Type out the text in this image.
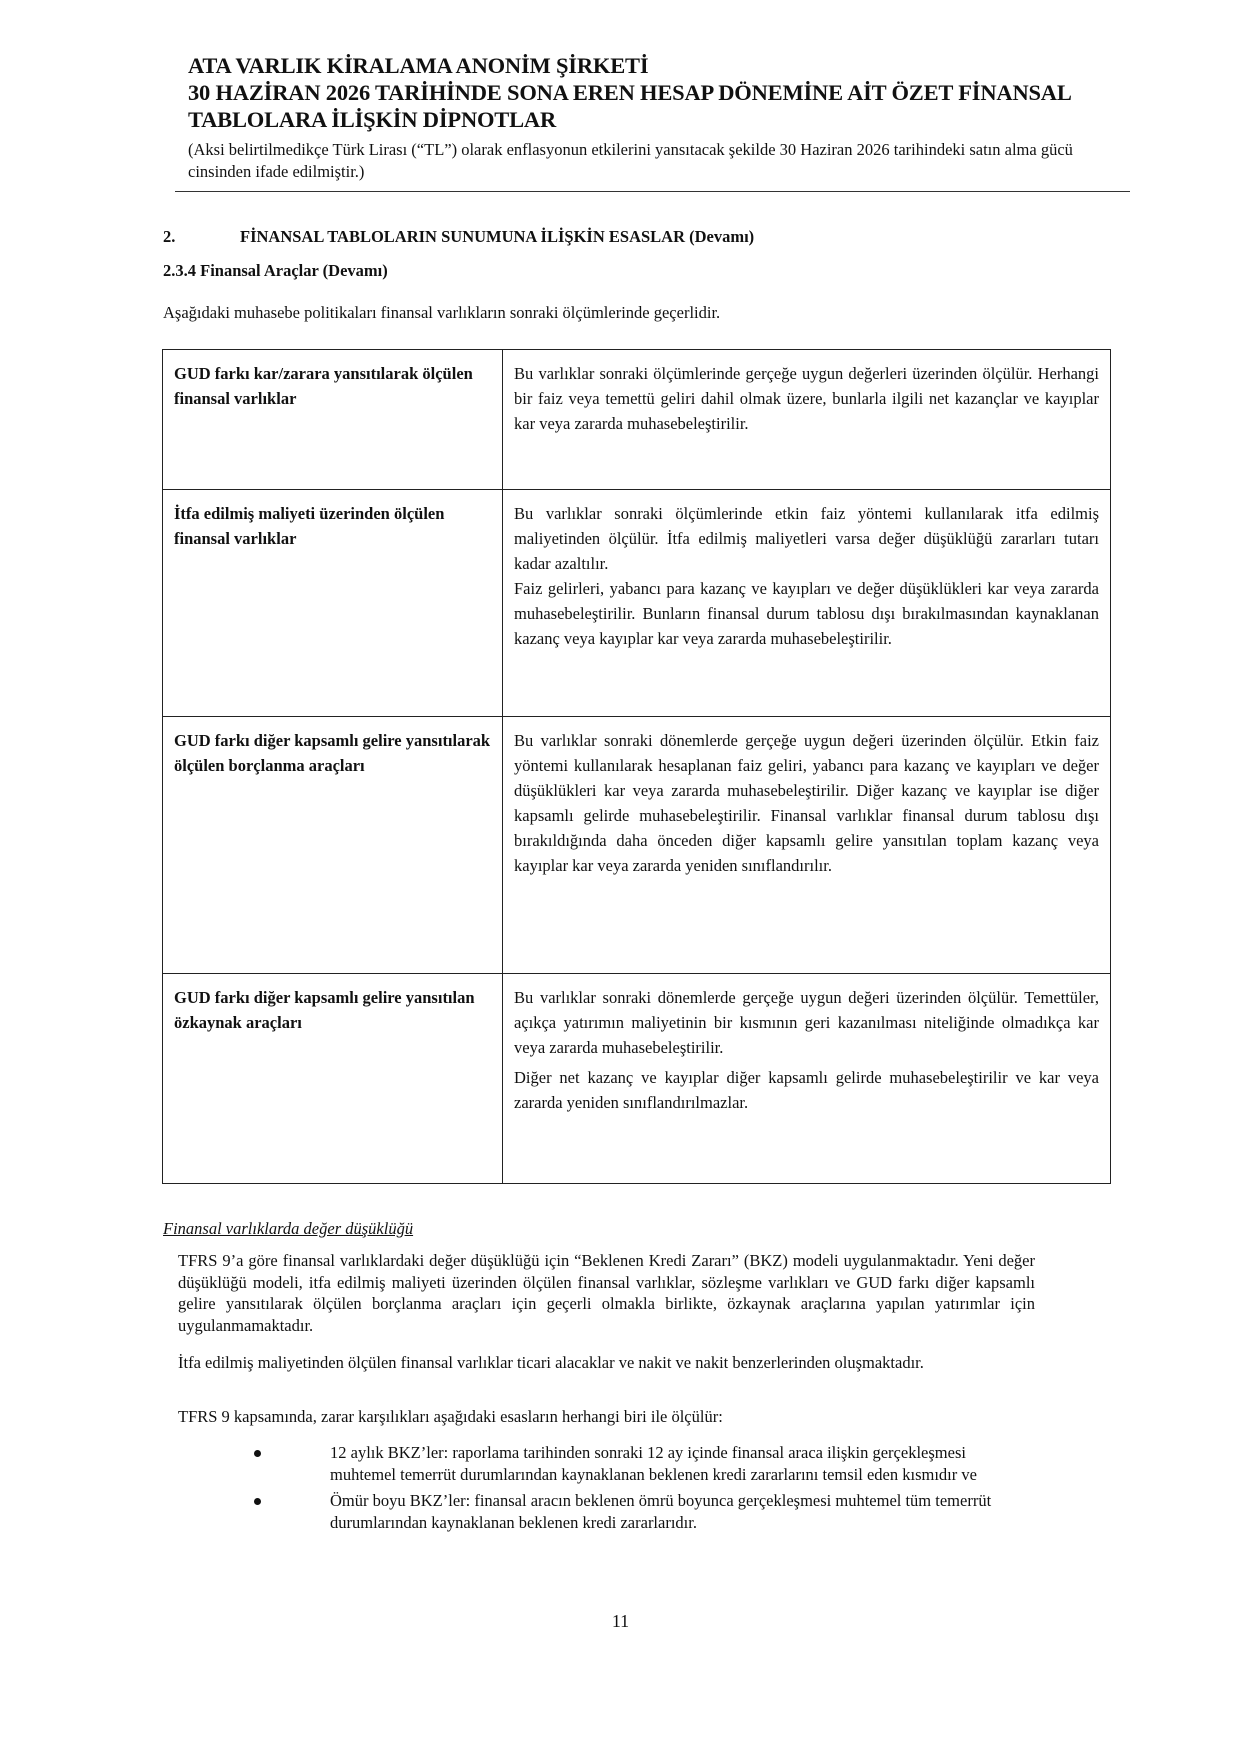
ATA VARLIK KİRALAMA ANONİM ŞİRKETİ
30 HAZİRAN 2026 TARİHİNDE SONA EREN HESAP DÖNEMİNE AİT ÖZET FİNANSAL
TABLOLARA İLİŞKİN DİPNOTLAR
(Aksi belirtilmedikçe Türk Lirası (“TL”) olarak enflasyonun etkilerini yansıtacak şekilde 30 Haziran 2026 tarihindeki satın alma gücü cinsinden ifade edilmiştir.)
2.	FİNANSAL TABLOLARIN SUNUMUNA İLİŞKİN ESASLAR (Devamı)
2.3.4 Finansal Araçlar (Devamı)
Aşağıdaki muhasebe politikaları finansal varlıkların sonraki ölçümlerinde geçerlidir.
GUD farkı kar/zarara yansıtılarak ölçülen finansal varlıklar

Bu varlıklar sonraki ölçümlerinde gerçeğe uygun değerleri üzerinden ölçülür. Herhangi bir faiz veya temettü geliri dahil olmak üzere, bunlarla ilgili net kazançlar ve kayıplar kar veya zararda muhasebeleştirilir.

İtfa edilmiş maliyeti üzerinden ölçülen finansal varlıklar

Bu varlıklar sonraki ölçümlerinde etkin faiz yöntemi kullanılarak itfa edilmiş maliyetinden ölçülür. İtfa edilmiş maliyetleri varsa değer düşüklüğü zararları tutarı kadar azaltılır.

Faiz gelirleri, yabancı para kazanç ve kayıpları ve değer düşüklükleri kar veya zararda muhasebeleştirilir. Bunların finansal durum tablosu dışı bırakılmasından kaynaklanan kazanç veya kayıplar kar veya zararda muhasebeleştirilir.

GUD farkı diğer kapsamlı gelire yansıtılarak ölçülen borçlanma araçları

Bu varlıklar sonraki dönemlerde gerçeğe uygun değeri üzerinden ölçülür. Etkin faiz yöntemi kullanılarak hesaplanan faiz geliri, yabancı para kazanç ve kayıpları ve değer düşüklükleri kar veya zararda muhasebeleştirilir. Diğer kazanç ve kayıplar ise diğer kapsamlı gelirde muhasebeleştirilir. Finansal varlıklar finansal durum tablosu dışı bırakıldığında daha önceden diğer kapsamlı gelire yansıtılan toplam kazanç veya kayıplar kar veya zararda yeniden sınıflandırılır.

GUD farkı diğer kapsamlı gelire yansıtılan özkaynak araçları

Bu varlıklar sonraki dönemlerde gerçeğe uygun değeri üzerinden ölçülür. Temettüler, açıkça yatırımın maliyetinin bir kısmının geri kazanılması niteliğinde olmadıkça kar veya zararda muhasebeleştirilir.

Diğer net kazanç ve kayıplar diğer kapsamlı gelirde muhasebeleştirilir ve kar veya zararda yeniden sınıflandırılmazlar.

Finansal varlıklarda değer düşüklüğü
TFRS 9’a göre finansal varlıklardaki değer düşüklüğü için “Beklenen Kredi Zararı” (BKZ) modeli uygulanmaktadır. Yeni değer düşüklüğü modeli, itfa edilmiş maliyeti üzerinden ölçülen finansal varlıklar, sözleşme varlıkları ve GUD farkı diğer kapsamlı gelire yansıtılarak ölçülen borçlanma araçları için geçerli olmakla birlikte, özkaynak araçlarına yapılan yatırımlar için uygulanmamaktadır.
İtfa edilmiş maliyetinden ölçülen finansal varlıklar ticari alacaklar ve nakit ve nakit benzerlerinden oluşmaktadır.
TFRS 9 kapsamında, zarar karşılıkları aşağıdaki esasların herhangi biri ile ölçülür:
12 aylık BKZ’ler: raporlama tarihinden sonraki 12 ay içinde finansal araca ilişkin gerçekleşmesi muhtemel temerrüt durumlarından kaynaklanan beklenen kredi zararlarını temsil eden kısmıdır ve
Ömür boyu BKZ’ler: finansal aracın beklenen ömrü boyunca gerçekleşmesi muhtemel tüm temerrüt durumlarından kaynaklanan beklenen kredi zararlarıdır.
11
